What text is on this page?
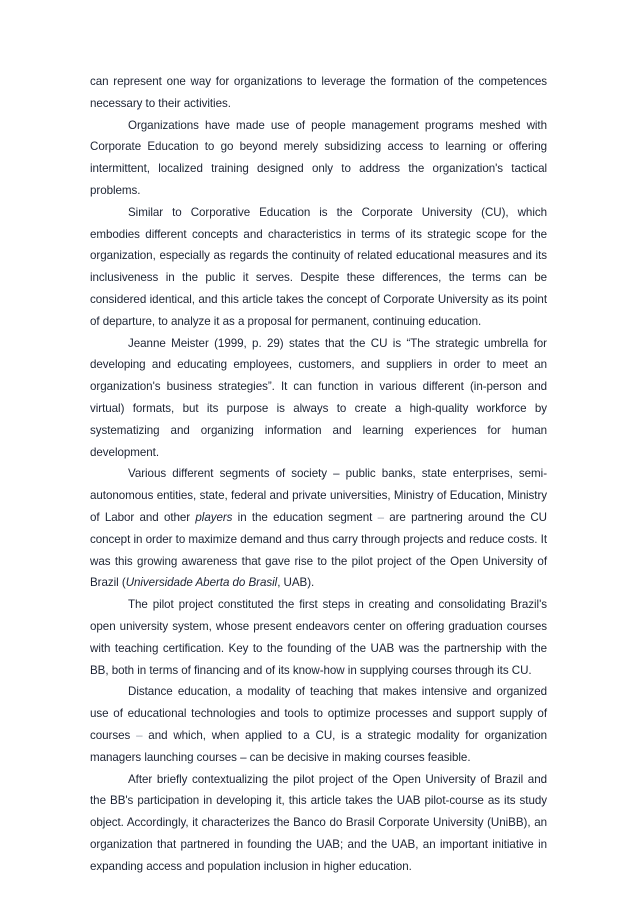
can represent one way for organizations to leverage the formation of the competences necessary to their activities.

Organizations have made use of people management programs meshed with Corporate Education to go beyond merely subsidizing access to learning or offering intermittent, localized training designed only to address the organization's tactical problems.

Similar to Corporative Education is the Corporate University (CU), which embodies different concepts and characteristics in terms of its strategic scope for the organization, especially as regards the continuity of related educational measures and its inclusiveness in the public it serves. Despite these differences, the terms can be considered identical, and this article takes the concept of Corporate University as its point of departure, to analyze it as a proposal for permanent, continuing education.

Jeanne Meister (1999, p. 29) states that the CU is “The strategic umbrella for developing and educating employees, customers, and suppliers in order to meet an organization's business strategies”. It can function in various different (in-person and virtual) formats, but its purpose is always to create a high-quality workforce by systematizing and organizing information and learning experiences for human development.

Various different segments of society – public banks, state enterprises, semi-autonomous entities, state, federal and private universities, Ministry of Education, Ministry of Labor and other players in the education segment – are partnering around the CU concept in order to maximize demand and thus carry through projects and reduce costs. It was this growing awareness that gave rise to the pilot project of the Open University of Brazil (Universidade Aberta do Brasil, UAB).

The pilot project constituted the first steps in creating and consolidating Brazil's open university system, whose present endeavors center on offering graduation courses with teaching certification. Key to the founding of the UAB was the partnership with the BB, both in terms of financing and of its know-how in supplying courses through its CU.

Distance education, a modality of teaching that makes intensive and organized use of educational technologies and tools to optimize processes and support supply of courses – and which, when applied to a CU, is a strategic modality for organization managers launching courses – can be decisive in making courses feasible.

After briefly contextualizing the pilot project of the Open University of Brazil and the BB's participation in developing it, this article takes the UAB pilot-course as its study object. Accordingly, it characterizes the Banco do Brasil Corporate University (UniBB), an organization that partnered in founding the UAB; and the UAB, an important initiative in expanding access and population inclusion in higher education.
